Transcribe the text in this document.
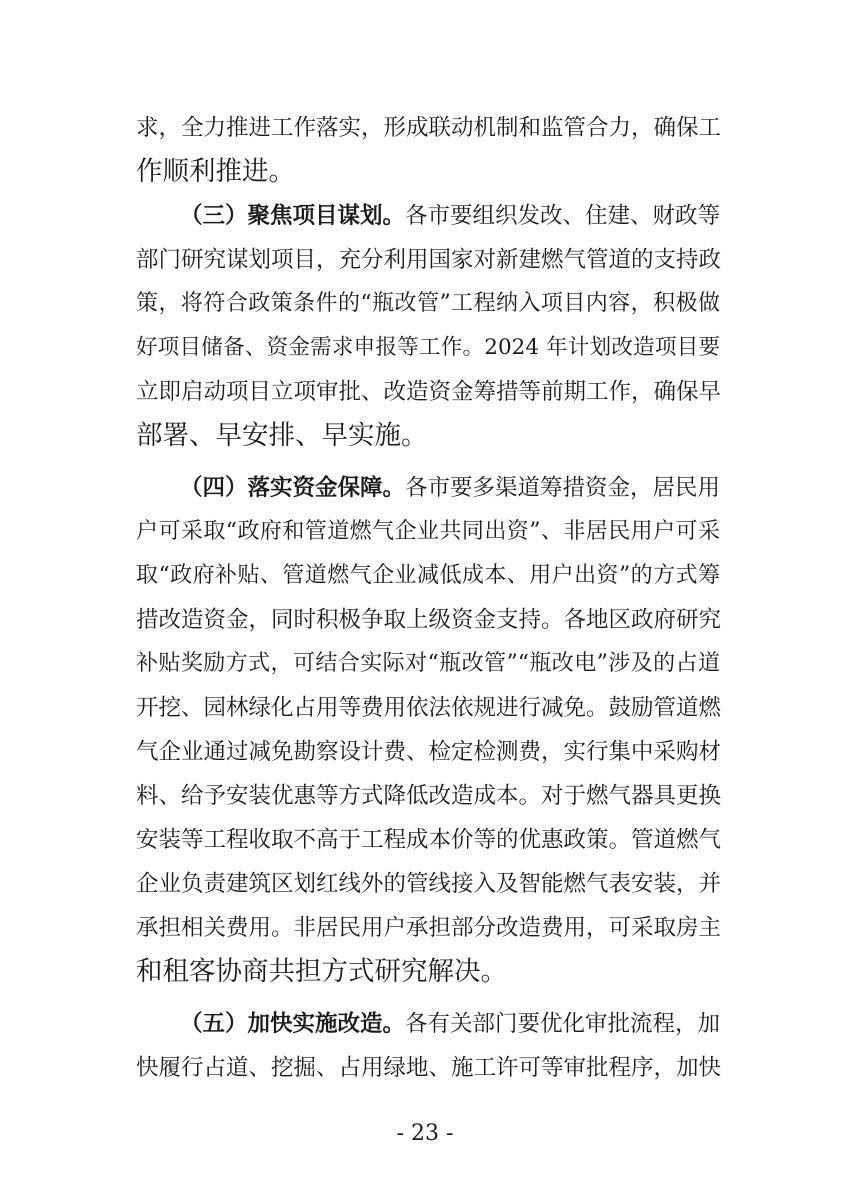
求，全力推进工作落实，形成联动机制和监管合力，确保工
作顺利推进。
（三）聚焦项目谋划。各市要组织发改、住建、财政等
部门研究谋划项目，充分利用国家对新建燃气管道的支持政
策，将符合政策条件的“瓶改管”工程纳入项目内容，积极做
好项目储备、资金需求申报等工作。2024 年计划改造项目要
立即启动项目立项审批、改造资金筹措等前期工作，确保早
部署、早安排、早实施。
（四）落实资金保障。各市要多渠道筹措资金，居民用
户可采取“政府和管道燃气企业共同出资”、非居民用户可采
取“政府补贴、管道燃气企业减低成本、用户出资”的方式筹
措改造资金，同时积极争取上级资金支持。各地区政府研究
补贴奖励方式，可结合实际对“瓶改管”“瓶改电”涉及的占道
开挖、园林绿化占用等费用依法依规进行减免。鼓励管道燃
气企业通过减免勘察设计费、检定检测费，实行集中采购材
料、给予安装优惠等方式降低改造成本。对于燃气器具更换
安装等工程收取不高于工程成本价等的优惠政策。管道燃气
企业负责建筑区划红线外的管线接入及智能燃气表安装，并
承担相关费用。非居民用户承担部分改造费用，可采取房主
和租客协商共担方式研究解决。
（五）加快实施改造。各有关部门要优化审批流程，加
快履行占道、挖掘、占用绿地、施工许可等审批程序，加快
- 23 -
